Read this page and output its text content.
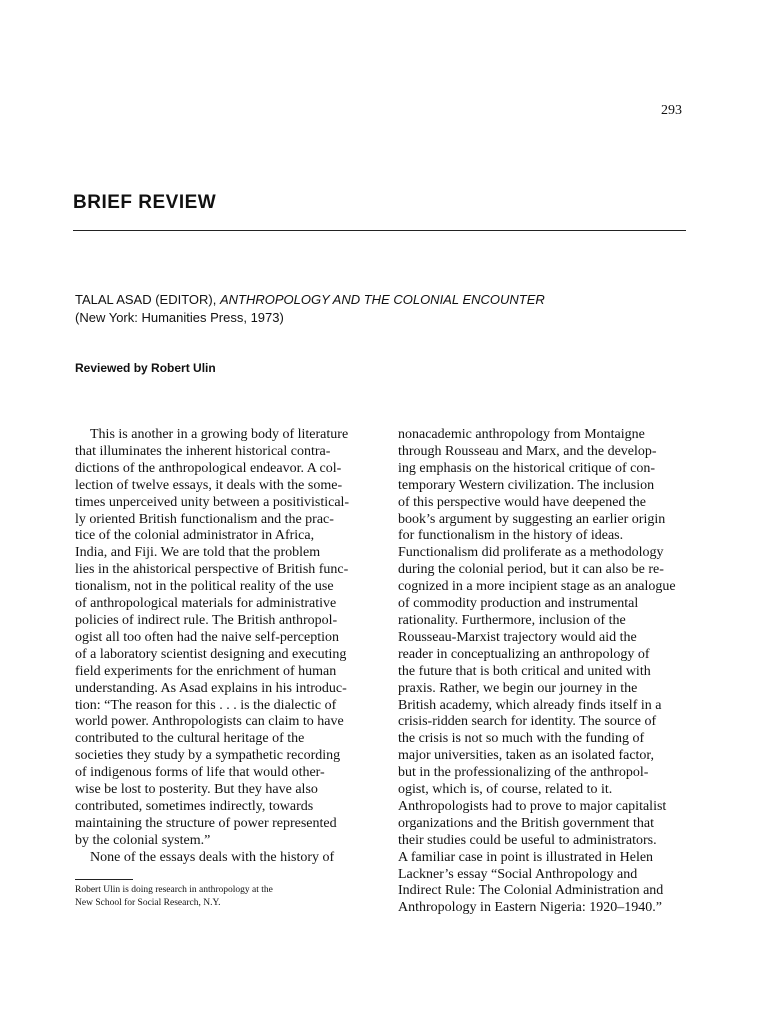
293
BRIEF REVIEW
TALAL ASAD (EDITOR), ANTHROPOLOGY AND THE COLONIAL ENCOUNTER
(New York: Humanities Press, 1973)
Reviewed by Robert Ulin
This is another in a growing body of literature
that illuminates the inherent historical contra-
dictions of the anthropological endeavor. A col-
lection of twelve essays, it deals with the some-
times unperceived unity between a positivistical-
ly oriented British functionalism and the prac-
tice of the colonial administrator in Africa,
India, and Fiji. We are told that the problem
lies in the ahistorical perspective of British func-
tionalism, not in the political reality of the use
of anthropological materials for administrative
policies of indirect rule. The British anthropol-
ogist all too often had the naive self-perception
of a laboratory scientist designing and executing
field experiments for the enrichment of human
understanding. As Asad explains in his introduc-
tion: “The reason for this . . . is the dialectic of
world power. Anthropologists can claim to have
contributed to the cultural heritage of the
societies they study by a sympathetic recording
of indigenous forms of life that would other-
wise be lost to posterity. But they have also
contributed, sometimes indirectly, towards
maintaining the structure of power represented
by the colonial system.”
None of the essays deals with the history of
nonacademic anthropology from Montaigne
through Rousseau and Marx, and the develop-
ing emphasis on the historical critique of con-
temporary Western civilization. The inclusion
of this perspective would have deepened the
book’s argument by suggesting an earlier origin
for functionalism in the history of ideas.
Functionalism did proliferate as a methodology
during the colonial period, but it can also be re-
cognized in a more incipient stage as an analogue
of commodity production and instrumental
rationality. Furthermore, inclusion of the
Rousseau-Marxist trajectory would aid the
reader in conceptualizing an anthropology of
the future that is both critical and united with
praxis. Rather, we begin our journey in the
British academy, which already finds itself in a
crisis-ridden search for identity. The source of
the crisis is not so much with the funding of
major universities, taken as an isolated factor,
but in the professionalizing of the anthropol-
ogist, which is, of course, related to it.
Anthropologists had to prove to major capitalist
organizations and the British government that
their studies could be useful to administrators.
A familiar case in point is illustrated in Helen
Lackner’s essay “Social Anthropology and
Indirect Rule: The Colonial Administration and
Anthropology in Eastern Nigeria: 1920–1940.”
Robert Ulin is doing research in anthropology at the
New School for Social Research, N.Y.
